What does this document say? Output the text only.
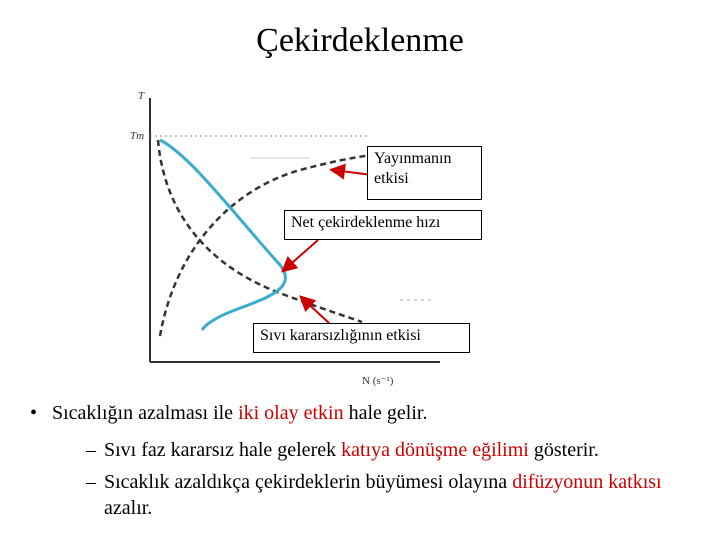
Çekirdeklenme
T
Tm
N (s⁻¹)
Yayınmanın
etkisi
Net çekirdeklenme hızı
Sıvı kararsızlığının etkisi
• Sıcaklığın azalması ile iki olay etkin hale gelir.
– Sıvı faz kararsız hale gelerek katıya dönüşme eğilimi gösterir.
– Sıcaklık azaldıkça çekirdeklerin büyümesi olayına difüzyonun katkısı azalır.
